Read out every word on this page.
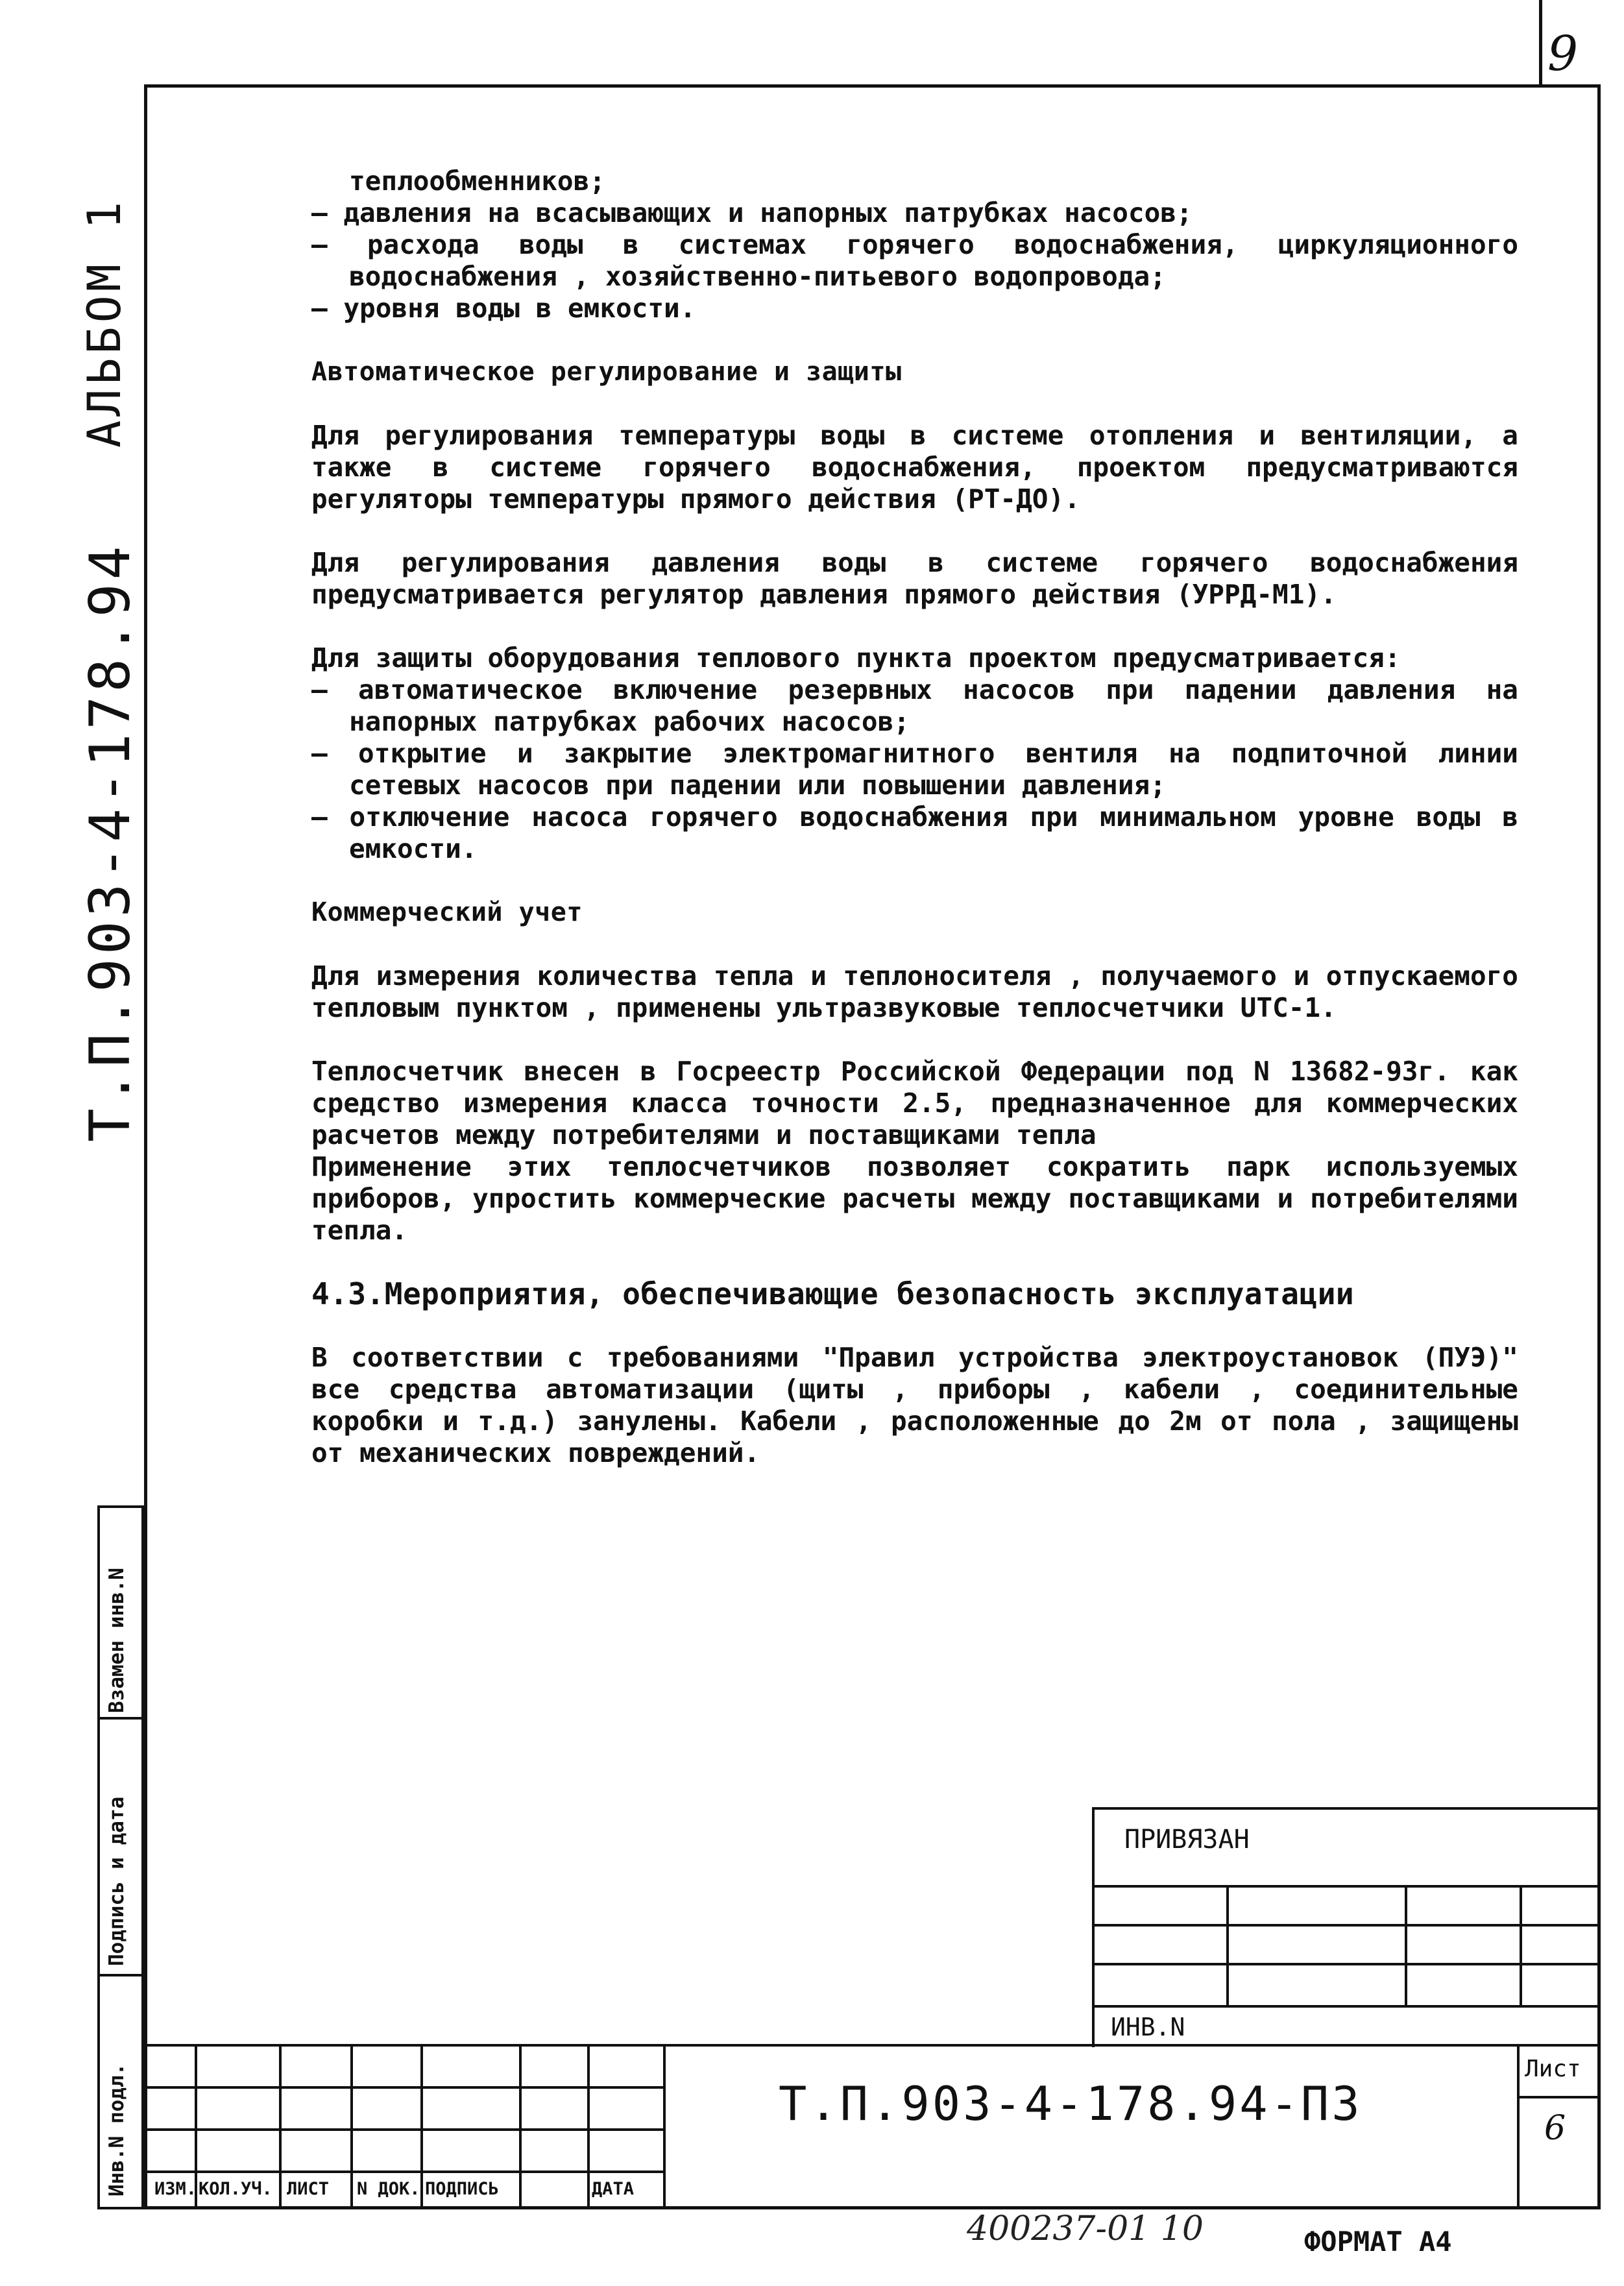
9
АЛЬБОМ 1
Т.П.903-4-178.94

теплообменников;

– давления на всасывающих и напорных патрубках насосов;

– расхода воды в системах горячего водоснабжения, циркуляционного водоснабжения , хозяйственно-питьевого водопровода;

– уровня воды в емкости.

Автоматическое регулирование и защиты

Для регулирования температуры воды в системе отопления и вентиляции, а также в системе горячего водоснабжения, проектом предусматриваются регуляторы температуры прямого действия (РТ-ДО).

Для регулирования давления воды в системе горячего водоснабжения предусматривается регулятор давления прямого действия (УРРД-М1).

Для защиты оборудования теплового пункта проектом предусматривается:

– автоматическое включение резервных насосов при падении давления на напорных патрубках рабочих насосов;

– открытие и закрытие электромагнитного вентиля на подпиточной линии сетевых насосов при падении или повышении давления;

– отключение насоса горячего водоснабжения при минимальном уровне воды в емкости.

Коммерческий учет

Для измерения количества тепла и теплоносителя , получаемого и отпускаемого тепловым пунктом , применены ультразвуковые теплосчетчики UTC-1.

Теплосчетчик внесен в Госреестр Российской Федерации под N 13682-93г. как средство измерения класса точности 2.5, предназначенное для коммерческих расчетов между потребителями и поставщиками тепла

Применение этих теплосчетчиков позволяет сократить парк используемых приборов, упростить коммерческие расчеты между поставщиками и потребителями тепла.

4.3.Мероприятия, обеспечивающие безопасность эксплуатации

В соответствии с требованиями "Правил устройства электроустановок (ПУЭ)" все средства автоматизации (щиты , приборы , кабели , соединительные коробки и т.д.) занулены. Кабели , расположенные до 2м от пола , защищены от механических повреждений.

Взамен инв.N
Подпись и дата
Инв.N подл.
ПРИВЯЗАН
ИНВ.N
ИЗМ. КОЛ.УЧ. ЛИСТ N ДОК. ПОДПИСЬ	ДАТА
Т.П.903-4-178.94-ПЗ
Лист
6
400237-01 10	ФОРМАТ А4
